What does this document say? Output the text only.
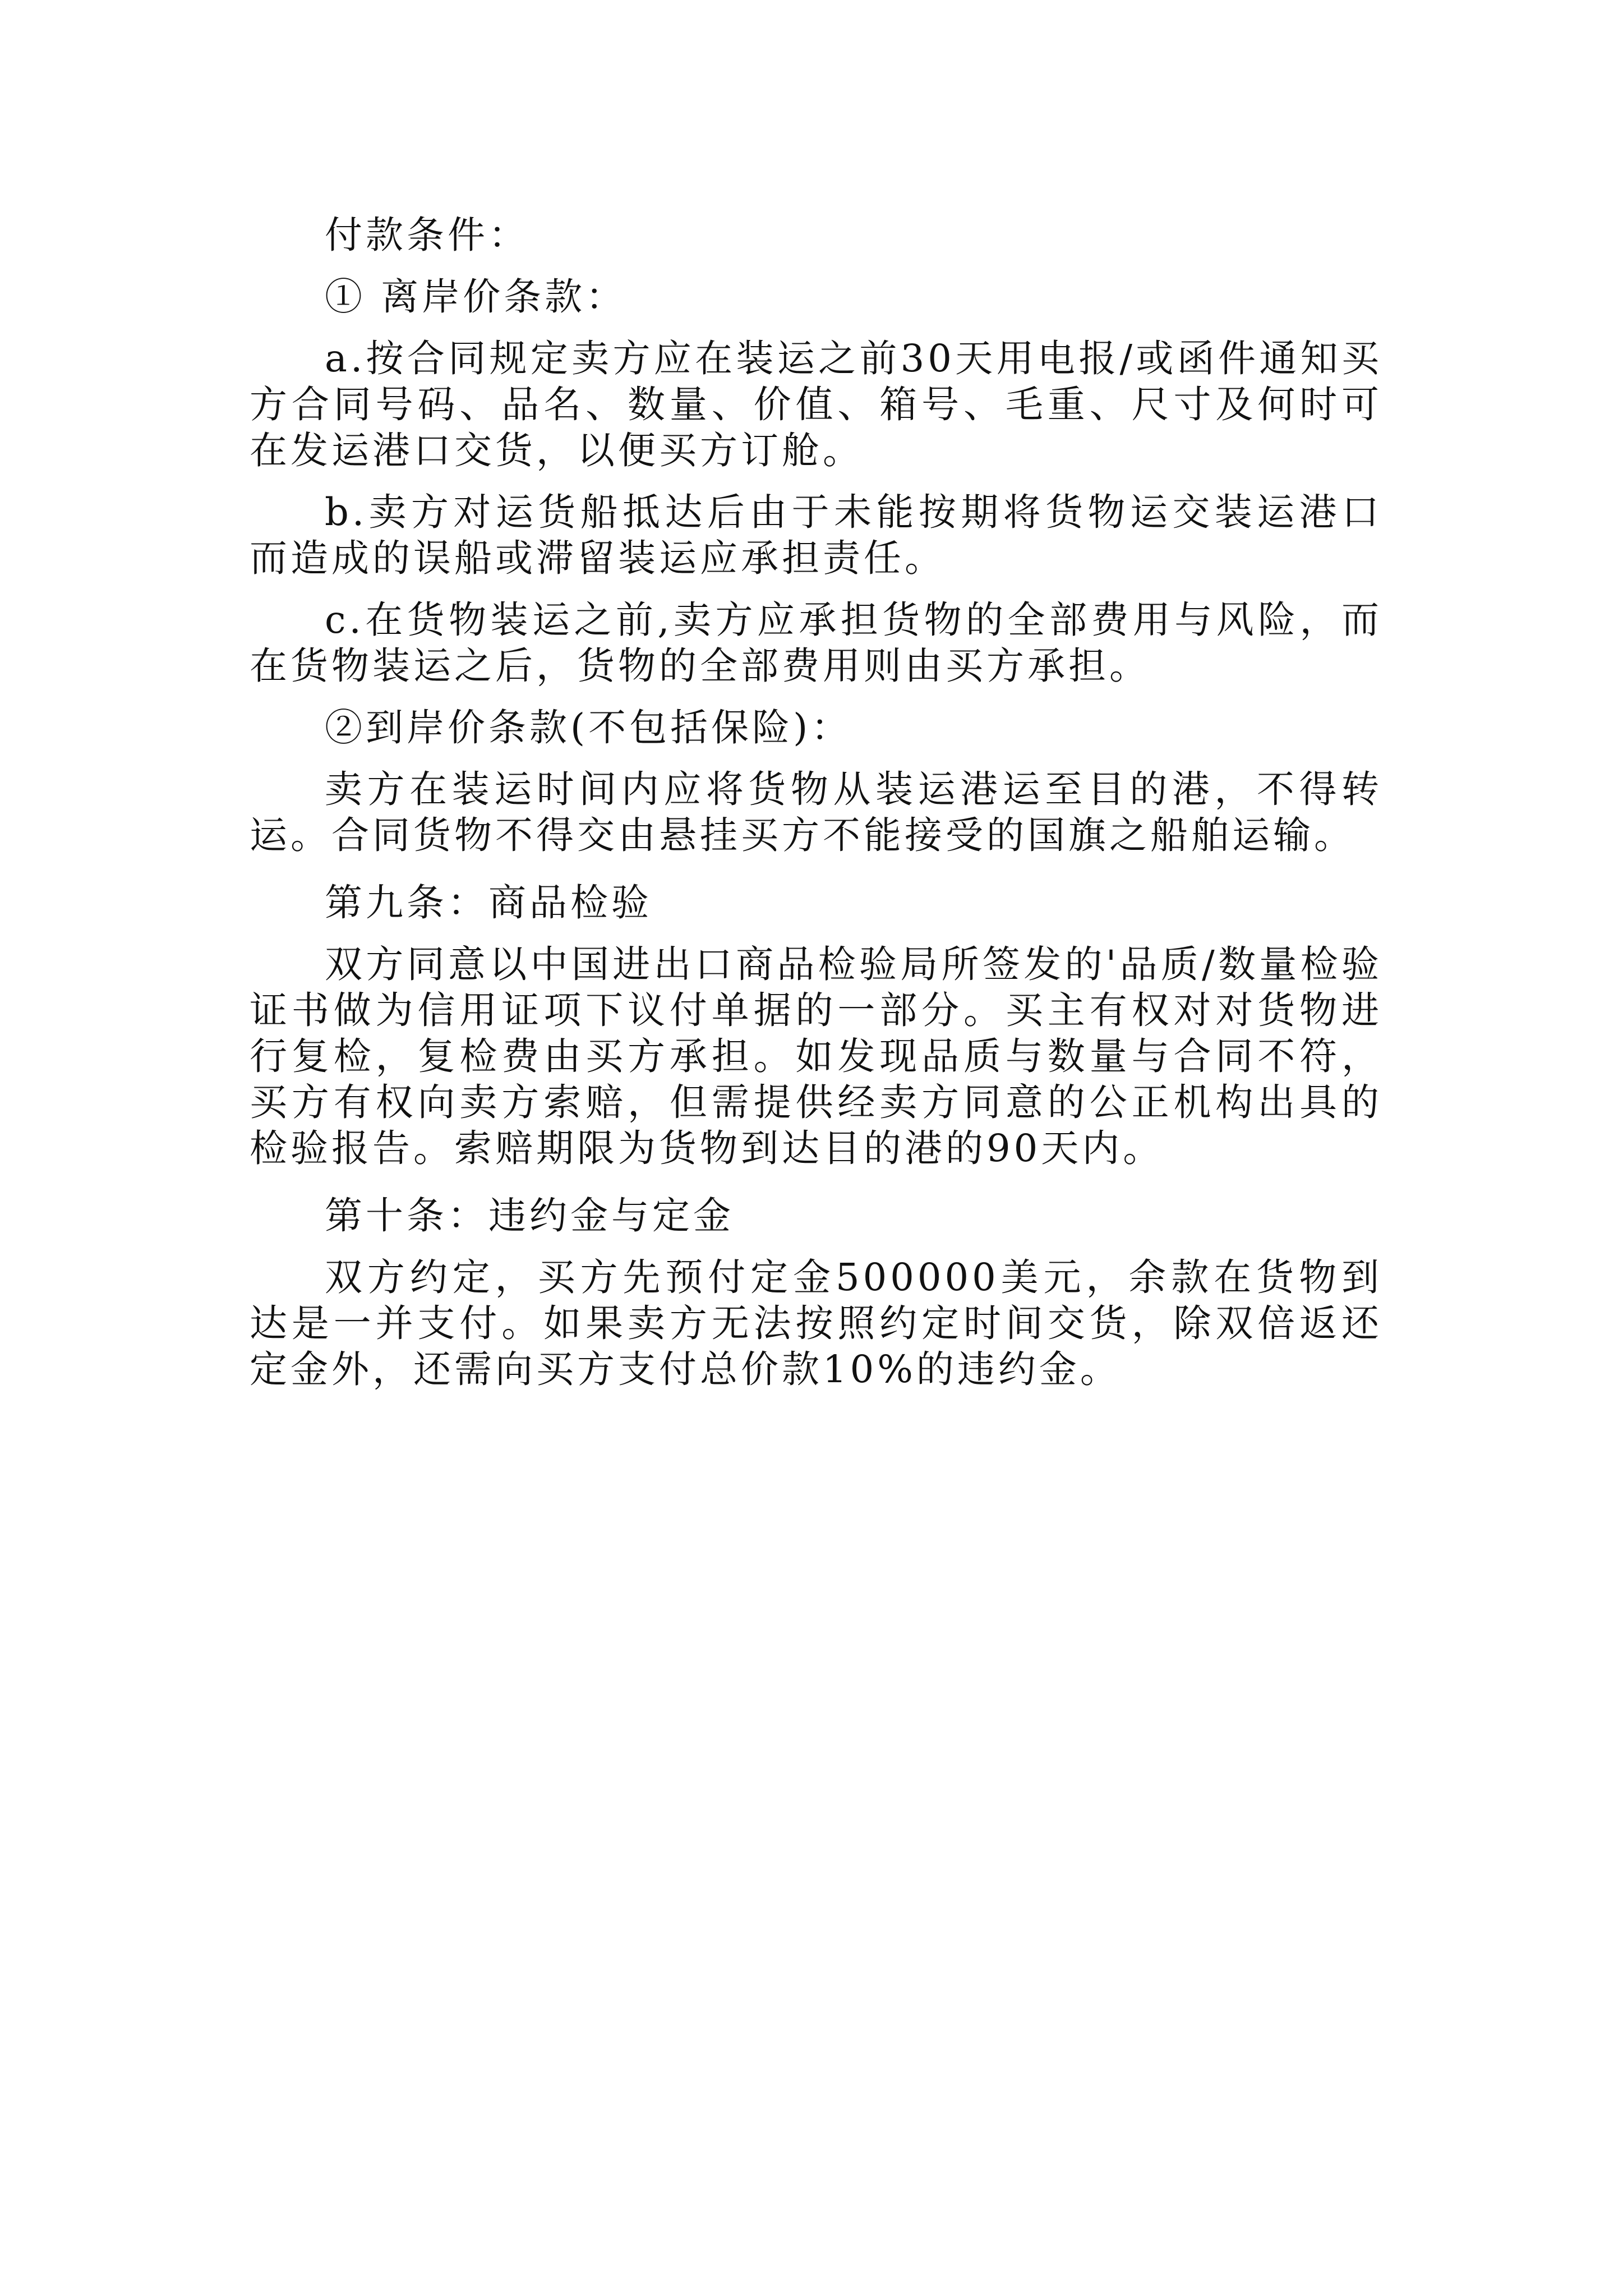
付款条件：

① 离岸价条款：

a.按合同规定卖方应在装运之前30天用电报/或函件通知买方合同号码、品名、数量、价值、箱号、毛重、尺寸及何时可在发运港口交货，以便买方订舱。

b.卖方对运货船抵达后由于未能按期将货物运交装运港口而造成的误船或滞留装运应承担责任。

c.在货物装运之前,卖方应承担货物的全部费用与风险，而在货物装运之后，货物的全部费用则由买方承担。

②到岸价条款(不包括保险)：

卖方在装运时间内应将货物从装运港运至目的港，不得转运。合同货物不得交由悬挂买方不能接受的国旗之船舶运输。

第九条：商品检验

双方同意以中国进出口商品检验局所签发的'品质/数量检验证书做为信用证项下议付单据的一部分。买主有权对对货物进行复检，复检费由买方承担。如发现品质与数量与合同不符，买方有权向卖方索赔，但需提供经卖方同意的公正机构出具的检验报告。索赔期限为货物到达目的港的90天内。

第十条：违约金与定金

双方约定，买方先预付定金500000美元，余款在货物到达是一并支付。如果卖方无法按照约定时间交货，除双倍返还定金外，还需向买方支付总价款10%的违约金。
